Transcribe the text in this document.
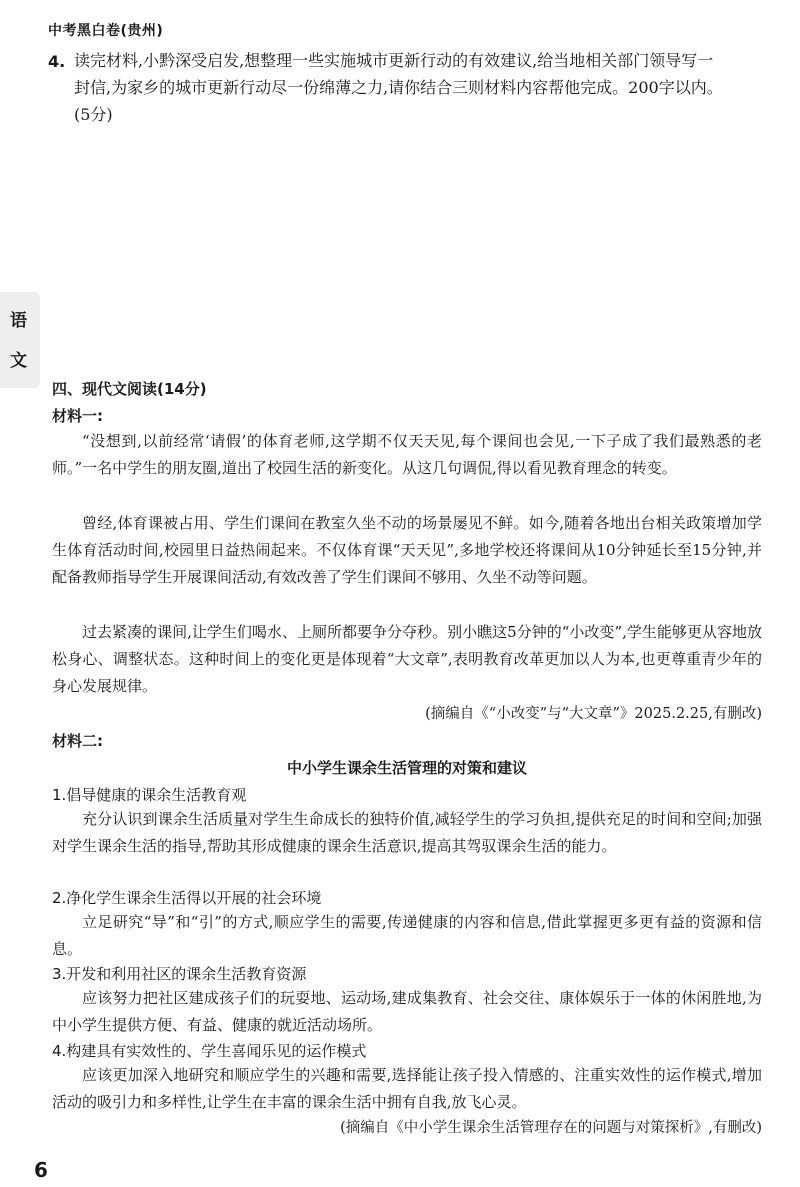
中考黑白卷(贵州)
语
文
4. 读完材料,小黔深受启发,想整理一些实施城市更新行动的有效建议,给当地相关部门领导写一
封信,为家乡的城市更新行动尽一份绵薄之力,请你结合三则材料内容帮他完成。200字以内。
(5分)
四、现代文阅读(14分)
材料一:
“没想到,以前经常‘请假’的体育老师,这学期不仅天天见,每个课间也会见,一下子成了我们最熟悉的老师。”一名中学生的朋友圈,道出了校园生活的新变化。从这几句调侃,得以看见教育理念的转变。
曾经,体育课被占用、学生们课间在教室久坐不动的场景屡见不鲜。如今,随着各地出台相关政策增加学生体育活动时间,校园里日益热闹起来。不仅体育课“天天见”,多地学校还将课间从10分钟延长至15分钟,并配备教师指导学生开展课间活动,有效改善了学生们课间不够用、久坐不动等问题。
过去紧凑的课间,让学生们喝水、上厕所都要争分夺秒。别小瞧这5分钟的“小改变”,学生能够更从容地放松身心、调整状态。这种时间上的变化更是体现着“大文章”,表明教育改革更加以人为本,也更尊重青少年的身心发展规律。
(摘编自《“小改变”与“大文章”》2025.2.25,有删改)
材料二:
中小学生课余生活管理的对策和建议
1.倡导健康的课余生活教育观
充分认识到课余生活质量对学生生命成长的独特价值,减轻学生的学习负担,提供充足的时间和空间;加强对学生课余生活的指导,帮助其形成健康的课余生活意识,提高其驾驭课余生活的能力。
2.净化学生课余生活得以开展的社会环境
立足研究“导”和“引”的方式,顺应学生的需要,传递健康的内容和信息,借此掌握更多更有益的资源和信息。
3.开发和利用社区的课余生活教育资源
应该努力把社区建成孩子们的玩耍地、运动场,建成集教育、社会交往、康体娱乐于一体的休闲胜地,为中小学生提供方便、有益、健康的就近活动场所。
4.构建具有实效性的、学生喜闻乐见的运作模式
应该更加深入地研究和顺应学生的兴趣和需要,选择能让孩子投入情感的、注重实效性的运作模式,增加活动的吸引力和多样性,让学生在丰富的课余生活中拥有自我,放飞心灵。
(摘编自《中小学生课余生活管理存在的问题与对策探析》,有删改)
6
